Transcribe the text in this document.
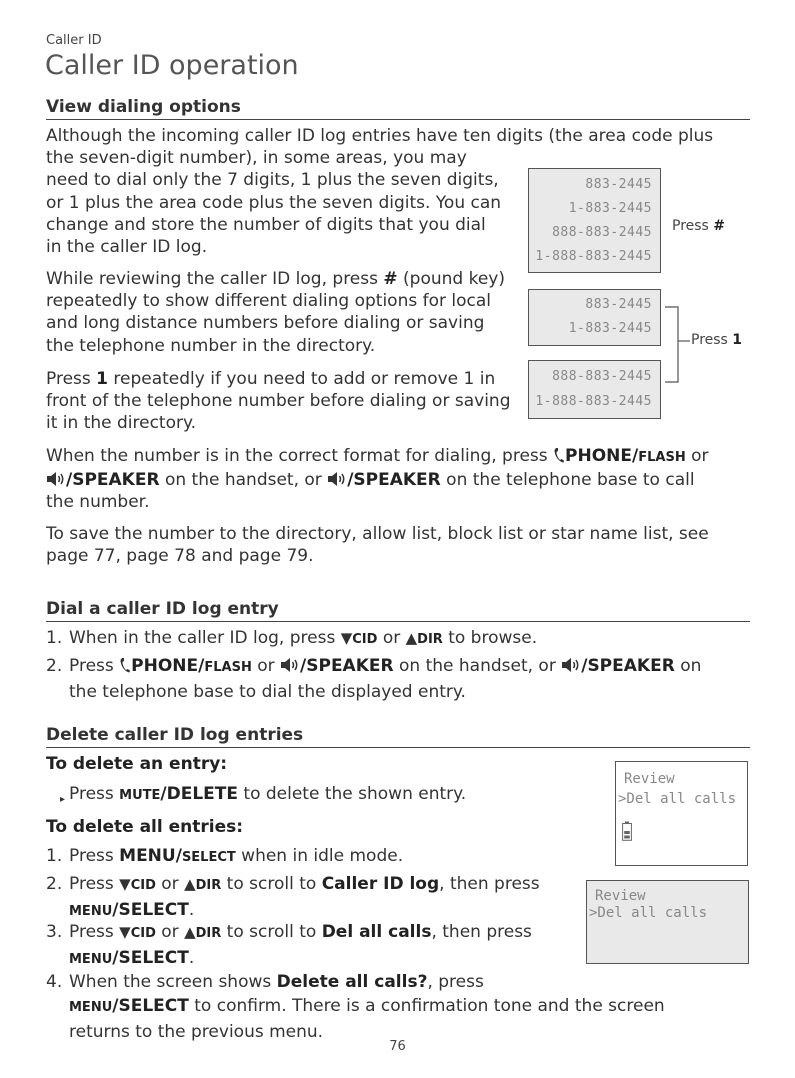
Caller ID
Caller ID operation
View dialing options
Although the incoming caller ID log entries have ten digits (the area code plus
the seven-digit number), in some areas, you may
need to dial only the 7 digits, 1 plus the seven digits,
or 1 plus the area code plus the seven digits. You can
change and store the number of digits that you dial
in the caller ID log.
While reviewing the caller ID log, press # (pound key) repeatedly to show different dialing options for local and long distance numbers before dialing or saving the telephone number in the directory.
Press 1 repeatedly if you need to add or remove 1 in front of the telephone number before dialing or saving it in the directory.
When the number is in the correct format for dialing, press PHONE/FLASH or
/SPEAKER on the handset, or /SPEAKER on the telephone base to call
the number.
To save the number to the directory, allow list, block list or star name list, see page 77, page 78 and page 79.
883-2445
1-883-2445
888-883-2445
1-888-883-2445
Press #
883-2445
1-883-2445
888-883-2445
1-888-883-2445
Press 1
Dial a caller ID log entry
1. When in the caller ID log, press ▼CID or ▲DIR to browse.
2. Press PHONE/FLASH or /SPEAKER on the handset, or /SPEAKER on
the telephone base to dial the displayed entry.
Delete caller ID log entries
To delete an entry:
▸ Press MUTE/DELETE to delete the shown entry.
To delete all entries:
1. Press MENU/SELECT when in idle mode.
2. Press ▼CID or ▲DIR to scroll to Caller ID log, then press
MENU/SELECT.
3. Press ▼CID or ▲DIR to scroll to Del all calls, then press
MENU/SELECT.
4. When the screen shows Delete all calls?, press
MENU/SELECT to confirm. There is a confirmation tone and the screen
returns to the previous menu.
Review
>Del all calls
Review
>Del all calls
76
